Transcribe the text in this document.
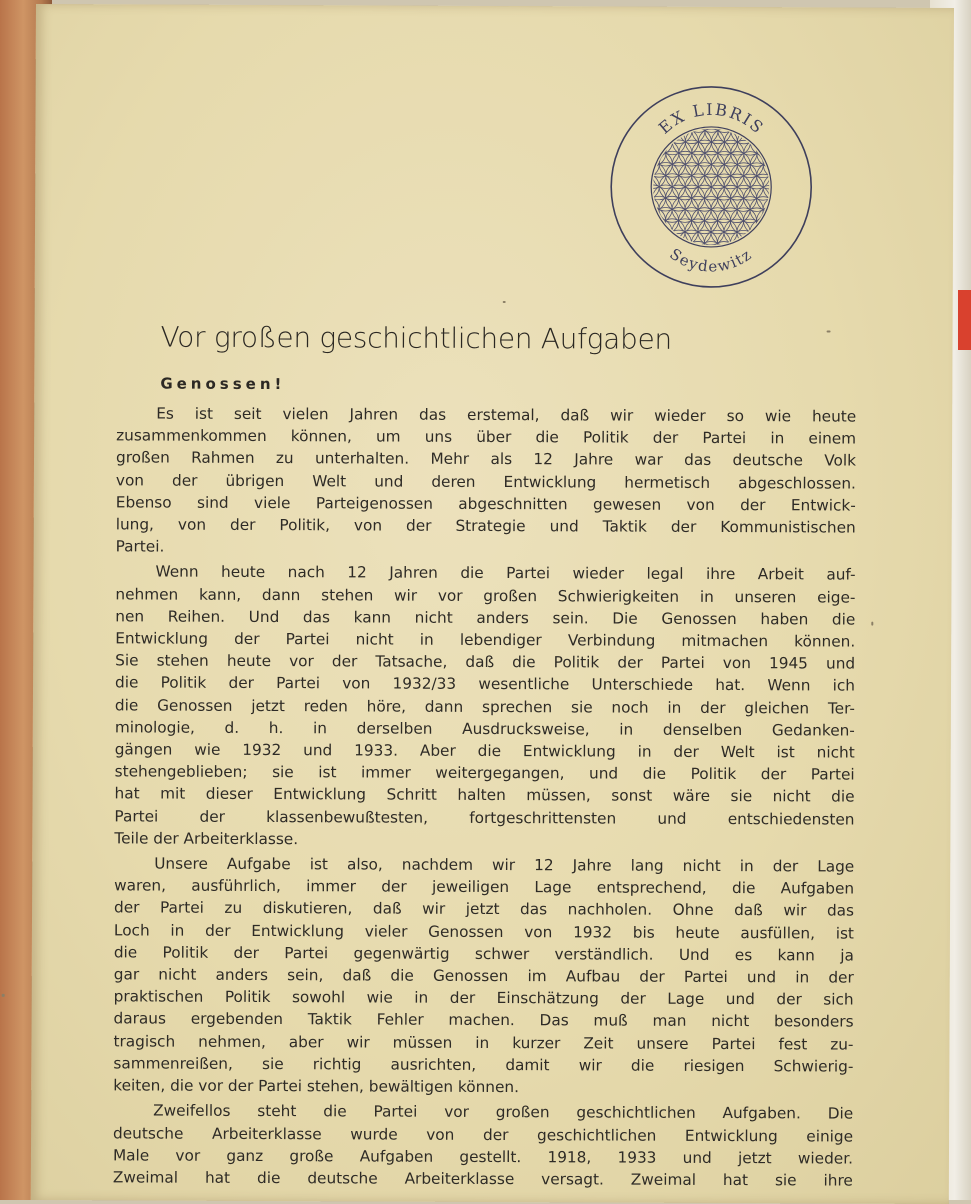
EX LIBRIS
Seydewitz
Vor großen geschichtlichen Aufgaben
Genossen!
Es ist seit vielen Jahren das erstemal, daß wir wieder so wie heute
zusammenkommen können, um uns über die Politik der Partei in einem
großen Rahmen zu unterhalten. Mehr als 12 Jahre war das deutsche Volk
von der übrigen Welt und deren Entwicklung hermetisch abgeschlossen.
Ebenso sind viele Parteigenossen abgeschnitten gewesen von der Entwick-
lung, von der Politik, von der Strategie und Taktik der Kommunistischen
Partei.
Wenn heute nach 12 Jahren die Partei wieder legal ihre Arbeit auf-
nehmen kann, dann stehen wir vor großen Schwierigkeiten in unseren eige-
nen Reihen. Und das kann nicht anders sein. Die Genossen haben die
Entwicklung der Partei nicht in lebendiger Verbindung mitmachen können.
Sie stehen heute vor der Tatsache, daß die Politik der Partei von 1945 und
die Politik der Partei von 1932/33 wesentliche Unterschiede hat. Wenn ich
die Genossen jetzt reden höre, dann sprechen sie noch in der gleichen Ter-
minologie, d. h. in derselben Ausdrucksweise, in denselben Gedanken-
gängen wie 1932 und 1933. Aber die Entwicklung in der Welt ist nicht
stehengeblieben; sie ist immer weitergegangen, und die Politik der Partei
hat mit dieser Entwicklung Schritt halten müssen, sonst wäre sie nicht die
Partei der klassenbewußtesten, fortgeschrittensten und entschiedensten
Teile der Arbeiterklasse.
Unsere Aufgabe ist also, nachdem wir 12 Jahre lang nicht in der Lage
waren, ausführlich, immer der jeweiligen Lage entsprechend, die Aufgaben
der Partei zu diskutieren, daß wir jetzt das nachholen. Ohne daß wir das
Loch in der Entwicklung vieler Genossen von 1932 bis heute ausfüllen, ist
die Politik der Partei gegenwärtig schwer verständlich. Und es kann ja
gar nicht anders sein, daß die Genossen im Aufbau der Partei und in der
praktischen Politik sowohl wie in der Einschätzung der Lage und der sich
daraus ergebenden Taktik Fehler machen. Das muß man nicht besonders
tragisch nehmen, aber wir müssen in kurzer Zeit unsere Partei fest zu-
sammenreißen, sie richtig ausrichten, damit wir die riesigen Schwierig-
keiten, die vor der Partei stehen, bewältigen können.
Zweifellos steht die Partei vor großen geschichtlichen Aufgaben. Die
deutsche Arbeiterklasse wurde von der geschichtlichen Entwicklung einige
Male vor ganz große Aufgaben gestellt. 1918, 1933 und jetzt wieder.
Zweimal hat die deutsche Arbeiterklasse versagt. Zweimal hat sie ihre
